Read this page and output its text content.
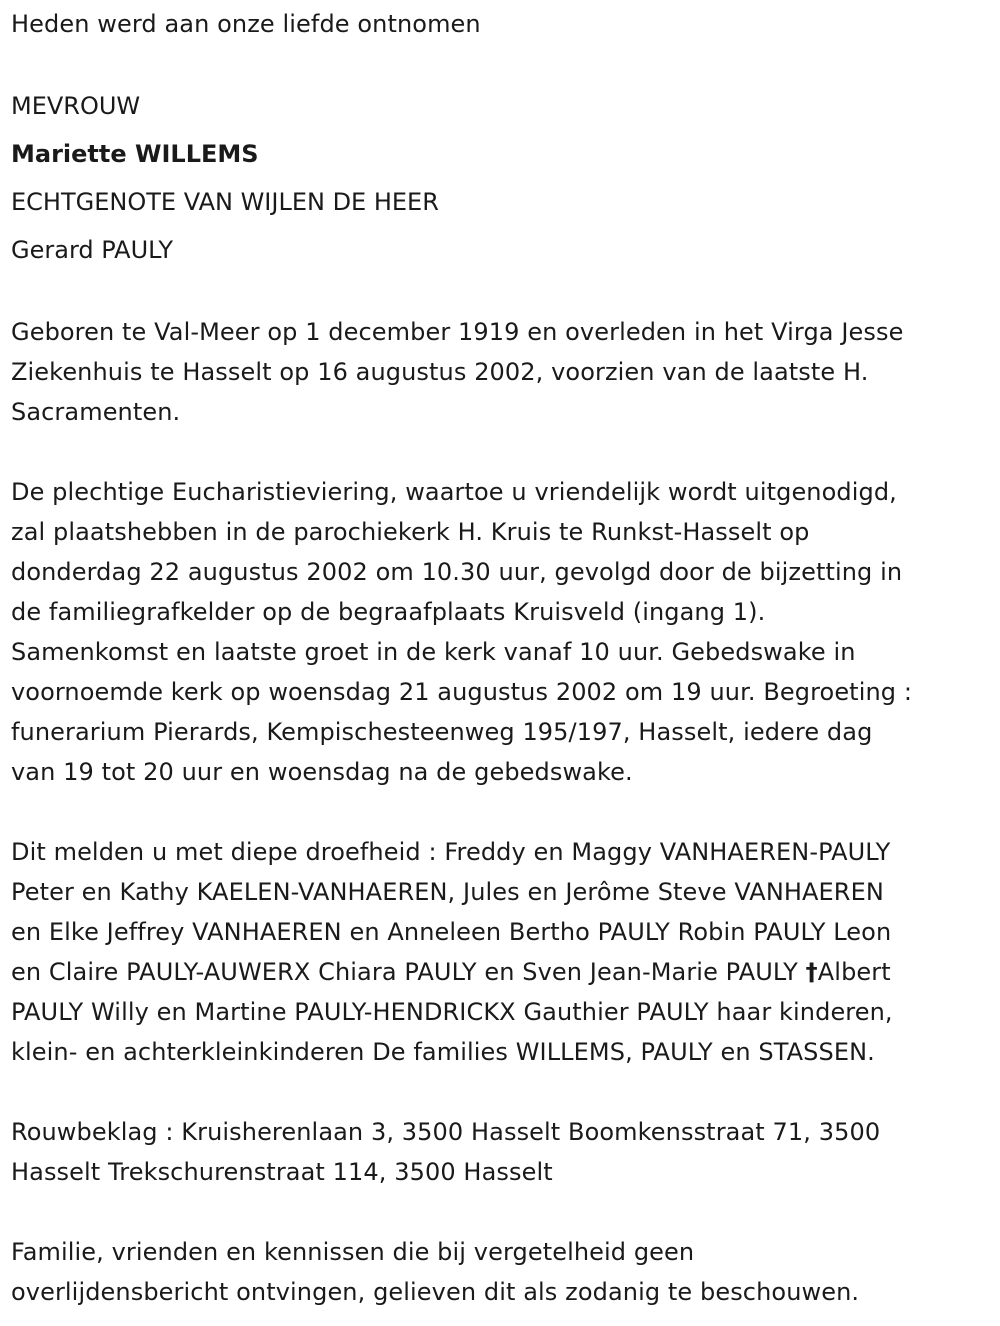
Heden werd aan onze liefde ontnomen
MEVROUW
Mariette WILLEMS
ECHTGENOTE VAN WIJLEN DE HEER
Gerard PAULY
Geboren te Val-Meer op 1 december 1919 en overleden in het Virga Jesse
Ziekenhuis te Hasselt op 16 augustus 2002, voorzien van de laatste H.
Sacramenten.
De plechtige Eucharistieviering, waartoe u vriendelijk wordt uitgenodigd,
zal plaatshebben in de parochiekerk H. Kruis te Runkst-Hasselt op
donderdag 22 augustus 2002 om 10.30 uur, gevolgd door de bijzetting in
de familiegrafkelder op de begraafplaats Kruisveld (ingang 1).
Samenkomst en laatste groet in de kerk vanaf 10 uur. Gebedswake in
voornoemde kerk op woensdag 21 augustus 2002 om 19 uur. Begroeting :
funerarium Pierards, Kempischesteenweg 195/197, Hasselt, iedere dag
van 19 tot 20 uur en woensdag na de gebedswake.
Dit melden u met diepe droefheid : Freddy en Maggy VANHAEREN-PAULY
Peter en Kathy KAELEN-VANHAEREN, Jules en Jerôme Steve VANHAEREN
en Elke Jeffrey VANHAEREN en Anneleen Bertho PAULY Robin PAULY Leon
en Claire PAULY-AUWERX Chiara PAULY en Sven Jean-Marie PAULY †Albert
PAULY Willy en Martine PAULY-HENDRICKX Gauthier PAULY haar kinderen,
klein- en achterkleinkinderen De families WILLEMS, PAULY en STASSEN.
Rouwbeklag : Kruisherenlaan 3, 3500 Hasselt Boomkensstraat 71, 3500
Hasselt Trekschurenstraat 114, 3500 Hasselt
Familie, vrienden en kennissen die bij vergetelheid geen
overlijdensbericht ontvingen, gelieven dit als zodanig te beschouwen.
